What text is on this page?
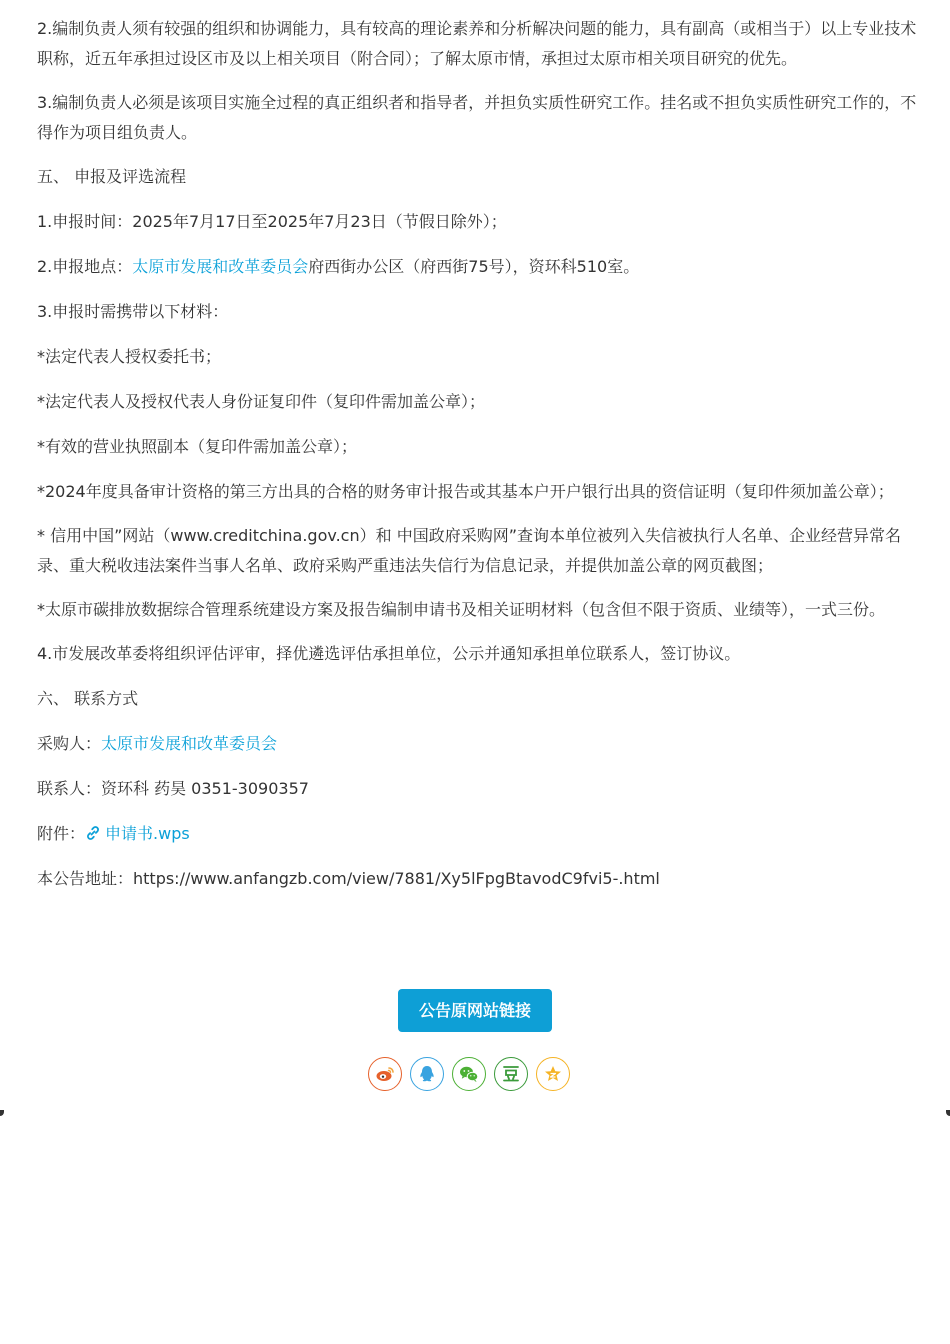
2.编制负责人须有较强的组织和协调能力，具有较高的理论素养和分析解决问题的能力，具有副高（或相当于）以上专业技术职称，近五年承担过设区市及以上相关项目（附合同）；了解太原市情，承担过太原市相关项目研究的优先。

3.编制负责人必须是该项目实施全过程的真正组织者和指导者，并担负实质性研究工作。挂名或不担负实质性研究工作的，不得作为项目组负责人。

五、 申报及评选流程

1.申报时间：2025年7月17日至2025年7月23日（节假日除外）；

2.申报地点：太原市发展和改革委员会府西街办公区（府西街75号），资环科510室。

3.申报时需携带以下材料：

*法定代表人授权委托书；

*法定代表人及授权代表人身份证复印件（复印件需加盖公章）；

*有效的营业执照副本（复印件需加盖公章）；

*2024年度具备审计资格的第三方出具的合格的财务审计报告或其基本户开户银行出具的资信证明（复印件须加盖公章）；

* 信用中国”网站（www.creditchina.gov.cn）和 中国政府采购网”查询本单位被列入失信被执行人名单、企业经营异常名录、重大税收违法案件当事人名单、政府采购严重违法失信行为信息记录，并提供加盖公章的网页截图；

*太原市碳排放数据综合管理系统建设方案及报告编制申请书及相关证明材料（包含但不限于资质、业绩等），一式三份。

4.市发展改革委将组织评估评审，择优遴选评估承担单位，公示并通知承担单位联系人，签订协议。

六、 联系方式

采购人：太原市发展和改革委员会

联系人：资环科 药昊 0351-3090357

附件： 申请书.wps

本公告地址：https://www.anfangzb.com/view/7881/Xy5lFpgBtavodC9fvi5-.html

公告原网站链接
